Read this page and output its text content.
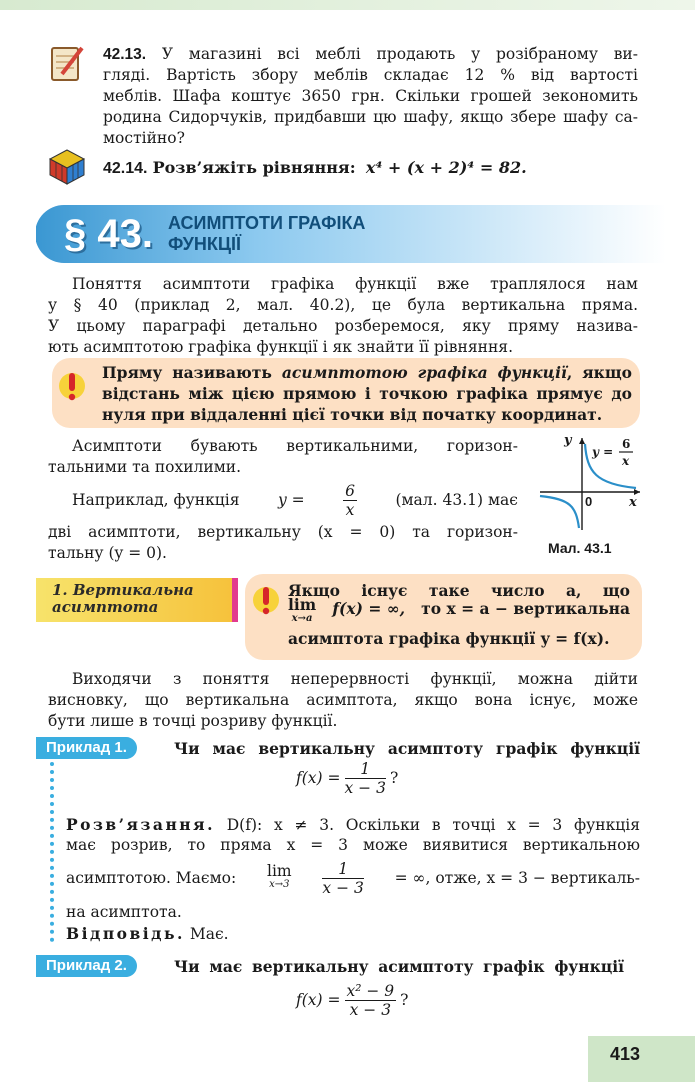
42.13. У магазині всі меблі продають у розібраному ви-
гляді. Вартість збору меблів складає 12 % від вартості
меблів. Шафа коштує 3650 грн. Скільки грошей зекономить
родина Сидорчуків, придбавши цю шафу, якщо збере шафу са-
мостійно?
42.14. Розв’яжіть рівняння: x⁴ + (x + 2)⁴ = 82.
§ 43. АСИМПТОТИ ГРАФІКА
ФУНКЦІЇ
Поняття асимптоти графіка функції вже траплялося нам
у § 40 (приклад 2, мал. 40.2), це була вертикальна пряма.
У цьому параграфі детально розберемося, яку пряму назива-
ють асимптотою графіка функції і як знайти її рівняння.
Пряму називають асимптотою графіка функції, якщо
відстань між цією прямою і точкою графіка прямує до
нуля при віддаленні цієї точки від початку координат.
Асимптоти бувають вертикальними, горизон-
тальними та похилими.
Наприклад, функція $y = \frac{6}{x} (мал$. 43.1) має
дві асимптоти, вертикальну (x = 0) та горизон-
тальну (y = 0).
y
x
0
y =
6
x
Мал. 43.1
1. Вертикальна
асимптота
Якщо існує таке число a, що
lim
x→a
f(x) = ∞, то x = a − вертикальна
асимптота графіка функції y = f(x).
Виходячи з поняття неперервності функції, можна дійти
висновку, що вертикальна асимптота, якщо вона існує, може
бути лише в точці розриву функції.
Приклад 1.	Чи має вертикальну асимптоту графік функції
$f(x) = \frac{1}{x - 3}$ ?
Розв’язання. D(f): x ≠ 3. Оскільки в точці x = 3 функція
має розрив, то пряма x = 3 може виявитися вертикальною
асимптотою. Маємо: lim
$x\to 3 \frac{1}{x - 3}$ = ∞, отже, x = 3 − вертикаль-
на асимптота.
Відповідь. Має.
Приклад 2.	Чи має вертикальну асимптоту графік функції
$f(x) = \frac{\text{x² − 9}}{x - 3}$ ?
413
